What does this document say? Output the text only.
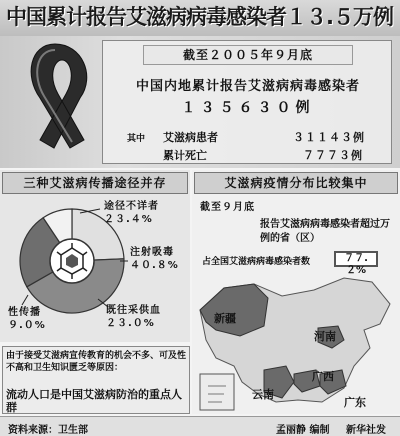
中国累计报告艾滋病病毒感染者１３.５万例
截至２００５年９月底
中国内地累计报告艾滋病病毒感染者
１３５６３０例
其中 艾滋病患者	３１１４３例
累计死亡	７７７３例
三种艾滋病传播途径并存
途径不详者
２３.４%
注射吸毒
４０.８%
既往采供血
２３.０%
性传播
９.０%
艾滋病疫情分布比较集中
截至９月底
报告艾滋病病毒感染者超过万例的省（区）
占全国艾滋病病毒感染者数	７７.２%
新疆
河南
云南
广西
广东
由于接受艾滋病宣传教育的机会不多、可及性不高和卫生知识匮乏等原因：
流动人口是中国艾滋病防治的重点人群
资料来源：卫生部	孟丽静 编制 新华社发
